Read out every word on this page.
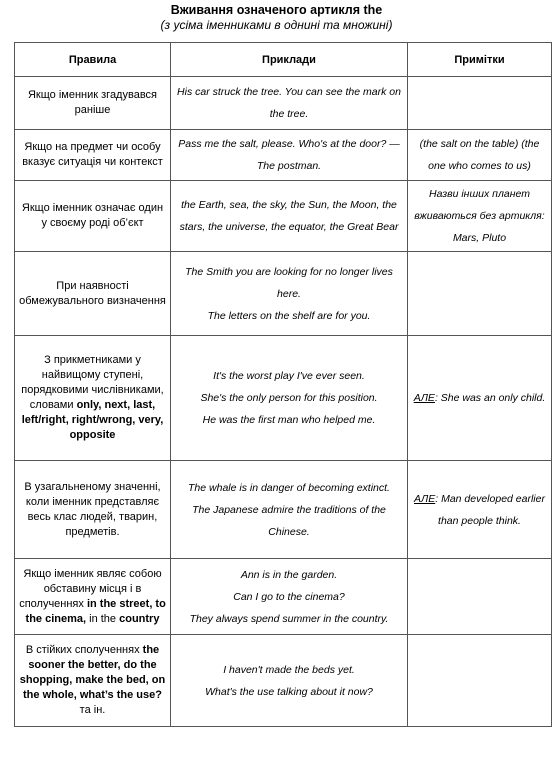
Вживання означеного артикля the
(з усіма іменниками в однині та множині)
Правила	Приклади	Примітки
Якщо іменник згадувався раніше	His car struck the tree. You can see the mark on the tree.	

Якщо на предмет чи особу вказує ситуація чи контекст	Pass me the salt, please. Who's at the door? — The postman.	(the salt on the table) (the one who comes to us)
Якщо іменник означає один у своєму роді об’єкт	the Earth, sea, the sky, the Sun, the Moon, the stars, the universe, the equator, the Great Bear	Назви інших планет вживаються без артикля: Mars, Pluto
При наявності обмежувального визначення	The Smith you are looking for no longer lives here.
The letters on the shelf are for you.	

З прикметниками у найвищому ступені, порядковими числівниками, словами only, next, last, left/right, right/wrong, very, opposite	It's the worst play I've ever seen.
She's the only person for this position.
He was the first man who helped me.	АЛЕ: She was an only child.
В узагальненому значенні, коли іменник представляє весь клас людей, тварин, предметів.	The whale is in danger of becoming extinct.
The Japanese admire the traditions of the Chinese.	АЛЕ: Man developed earlier than people think.
Якщо іменник являє собою обставину місця і в сполученнях in the street, to the cinema, in the country	Ann is in the garden.
Can I go to the cinema?
They always spend summer in the country.	

В стійких сполученнях the sooner the better, do the shopping, make the bed, on the whole, what’s the use? та ін.	I haven't made the beds yet.
What's the use talking about it now?	
